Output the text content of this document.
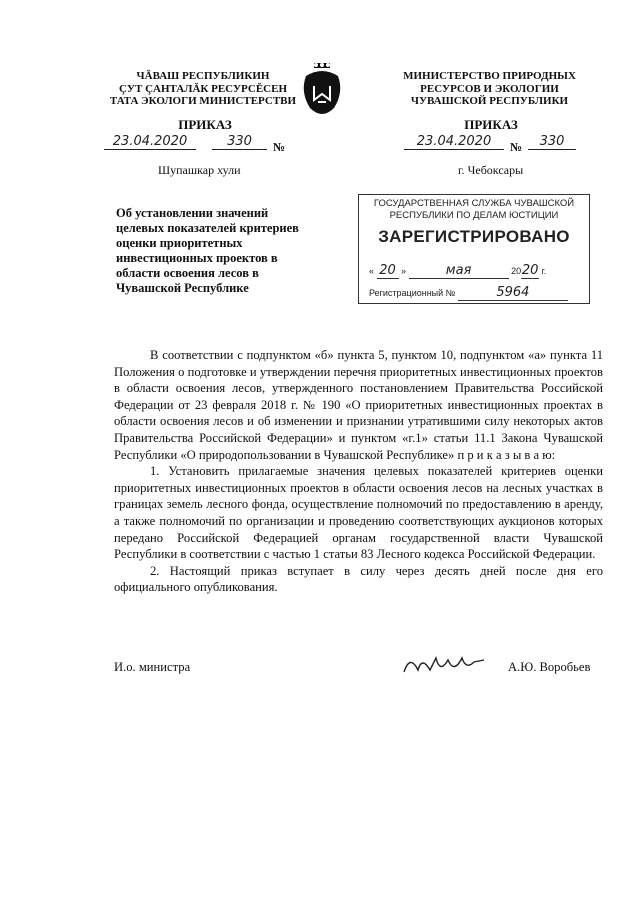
ЧĂВАШ РЕСПУБЛИКИН
ÇУТ ÇАНТАЛĂК РЕСУРСĔСЕН
ТАТА ЭКОЛОГИ МИНИСТЕРСТВИ
ПРИКАЗ
23.04.2020	330	№
Шупашкар хули
МИНИСТЕРСТВО ПРИРОДНЫХ
РЕСУРСОВ И ЭКОЛОГИИ
ЧУВАШСКОЙ РЕСПУБЛИКИ
ПРИКАЗ
23.04.2020	№	330
г. Чебоксары
Об установлении значений целевых показателей критериев оценки приоритетных инвестиционных проектов в области освоения лесов в Чувашской Республике
ГОСУДАРСТВЕННАЯ СЛУЖБА ЧУВАШСКОЙ
РЕСПУБЛИКИ ПО ДЕЛАМ ЮСТИЦИИ
ЗАРЕГИСТРИРОВАНО
« 20 »	мая	2020 г.
Регистрационный №	5964

В соответствии с подпунктом «б» пункта 5, пунктом 10, подпунктом «а» пункта 11 Положения о подготовке и утверждении перечня приоритетных инвестиционных проектов в области освоения лесов, утвержденного постановлением Правительства Российской Федерации от 23 февраля 2018 г. № 190 «О приоритетных инвестиционных проектах в области освоения лесов и об изменении и признании утратившими силу некоторых актов Правительства Российской Федерации» и пунктом «г.1» статьи 11.1 Закона Чувашской Республики «О природопользовании в Чувашской Республике» п р и к а з ы в а ю:

1. Установить прилагаемые значения целевых показателей критериев оценки приоритетных инвестиционных проектов в области освоения лесов на лесных участках в границах земель лесного фонда, осуществление полномочий по предоставлению в аренду, а также полномочий по организации и проведению соответствующих аукционов которых передано Российской Федерацией органам государственной власти Чувашской Республики в соответствии с частью 1 статьи 83 Лесного кодекса Российской Федерации.

2. Настоящий приказ вступает в силу через десять дней после дня его официального опубликования.

И.о. министра	А.Ю. Воробьев
